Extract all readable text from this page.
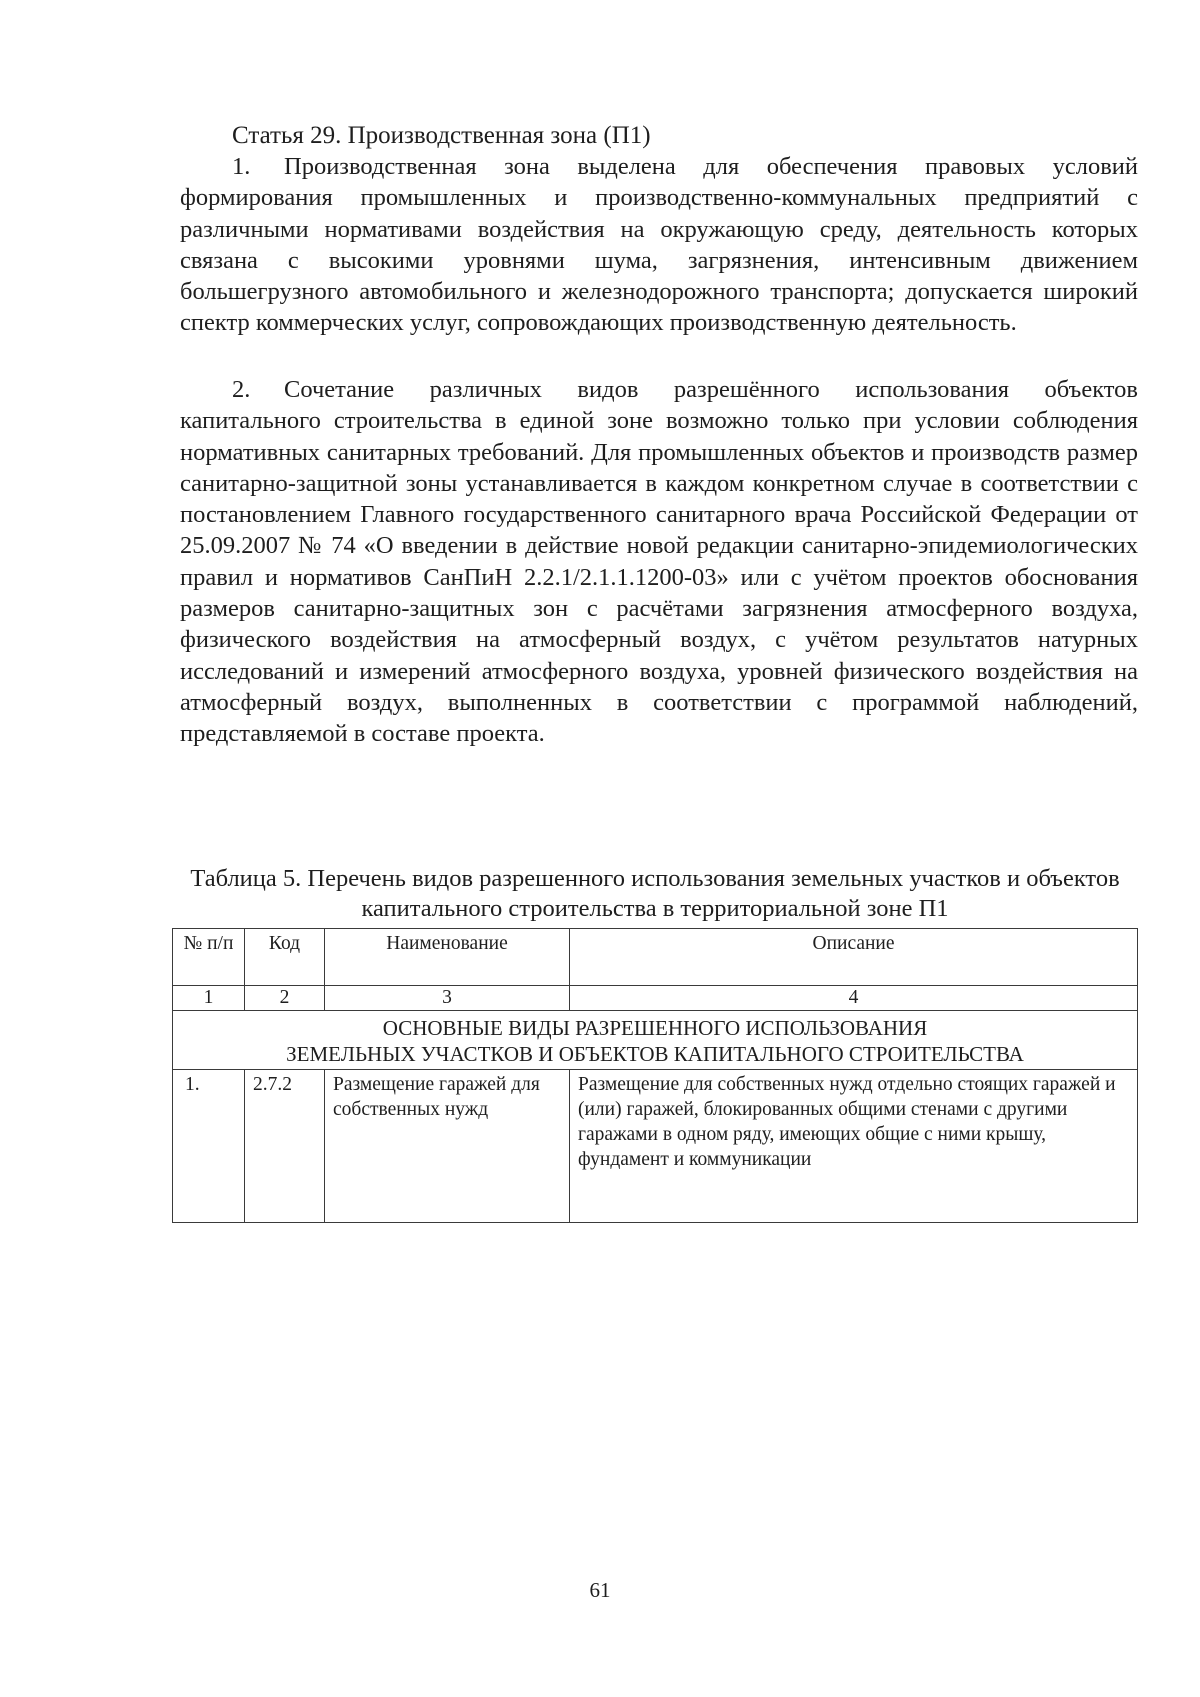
Статья 29. Производственная зона (П1)

1. Производственная зона выделена для обеспечения правовых условий формирования промышленных и производственно-коммунальных предприятий с различными нормативами воздействия на окружающую среду, деятельность которых связана с высокими уровнями шума, загрязнения, интенсивным движением большегрузного автомобильного и железнодорожного транспорта; допускается широкий спектр коммерческих услуг, сопровождающих производственную деятельность.

2. Сочетание различных видов разрешённого использования объектов капитального строительства в единой зоне возможно только при условии соблюдения нормативных санитарных требований. Для промышленных объектов и производств размер санитарно-защитной зоны устанавливается в каждом конкретном случае в соответствии с постановлением Главного государственного санитарного врача Российской Федерации от 25.09.2007 № 74 «О введении в действие новой редакции санитарно-эпидемиологических правил и нормативов СанПиН 2.2.1/2.1.1.1200-03» или с учётом проектов обоснования размеров санитарно-защитных зон с расчётами загрязнения атмосферного воздуха, физического воздействия на атмосферный воздух, с учётом результатов натурных исследований и измерений атмосферного воздуха, уровней физического воздействия на атмосферный воздух, выполненных в соответствии с программой наблюдений, представляемой в составе проекта.

Таблица 5. Перечень видов разрешенного использования земельных участков и объектов капитального строительства в территориальной зоне П1

№ п/п	Код	Наименование	Описание
1	2	3	4
ОСНОВНЫЕ ВИДЫ РАЗРЕШЕННОГО ИСПОЛЬЗОВАНИЯ
ЗЕМЕЛЬНЫХ УЧАСТКОВ И ОБЪЕКТОВ КАПИТАЛЬНОГО СТРОИТЕЛЬСТВА			
1.	2.7.2	Размещение гаражей для собственных нужд	Размещение для собственных нужд отдельно стоящих гаражей и (или) гаражей, блокированных общими стенами с другими гаражами в одном ряду, имеющих общие с ними крышу, фундамент и коммуникации
61
